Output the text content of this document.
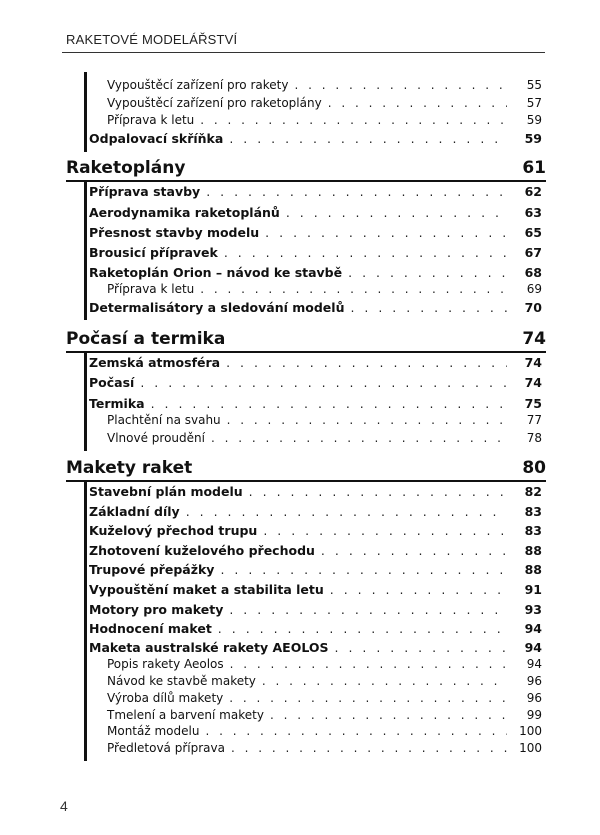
RAKETOVÉ MODELÁŘSTVÍ
Vypouštěcí zařízení pro rakety . . .	55
Vypouštěcí zařízení pro raketoplány . . .	57
Příprava k letu . . .	59
Odpalovací skříňka . . .	59
Raketoplány	61
Příprava stavby . . .	62
Aerodynamika raketoplánů . . .	63
Přesnost stavby modelu . . .	65
Brousicí přípravek . . .	67
Raketoplán Orion – návod ke stavbě . . .	68
Příprava k letu . . .	69
Determalisátory a sledování modelů . . .	70
Počasí a termika	74
Zemská atmosféra . . .	74
Počasí . . .	74
Termika . . .	75
Plachtění na svahu . . .	77
Vlnové proudění . . .	78
Makety raket	80
Stavební plán modelu . . .	82
Základní díly . . .	83
Kuželový přechod trupu . . .	83
Zhotovení kuželového přechodu . . .	88
Trupové přepážky . . .	88
Vypouštění maket a stabilita letu . . .	91
Motory pro makety . . .	93
Hodnocení maket . . .	94
Maketa australské rakety AEOLOS . . .	94
Popis rakety Aeolos . . .	94
Návod ke stavbě makety . . .	96
Výroba dílů makety . . .	96
Tmelení a barvení makety . . .	99
Montáž modelu . . .	100
Předletová příprava . . .	100
4
